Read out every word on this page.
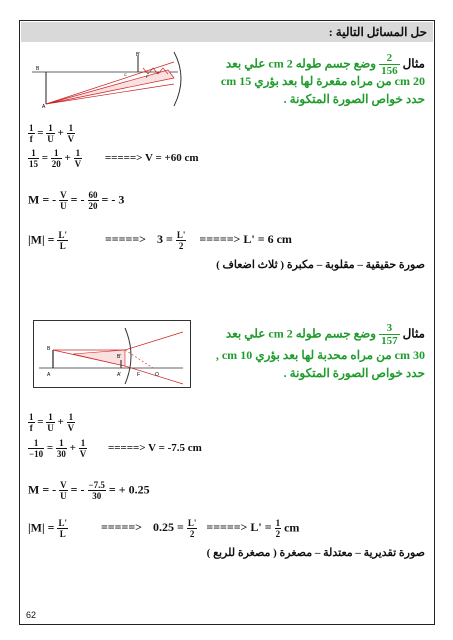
حل المسائل التالية :
B
A
B'
C	F
مثال
$\frac{2}{156}$
وضع جسم طوله 2 cm علي بعد
20 cm من مراه مقعرة لها بعد بؤري 15 cm
حدد خواص الصورة المتكونة .
$\frac{1}{f} = \frac{1}{U} + \frac{1}{V}$
$\frac{1}{15} = \frac{1}{20} + \frac{1}{V}$ =====> V = +60 cm
M = - $\frac{V}{U}$ = - $\frac{60}{20}$ = - 3
$|M| = \frac{L'}{L}$	=====> $3 = \frac{L'}{2}$ =====> L' = 6 cm
صورة حقيقية – مقلوبة – مكبرة ( ثلاث اضعاف )
B
A
B'
A'	F	O
مثال
$\frac{3}{157}$
وضع جسم طوله 2 cm علي بعد
30 cm من مراه محدبة لها بعد بؤري 10 cm ,
حدد خواص الصورة المتكونة .
$\frac{1}{f} = \frac{1}{U} + \frac{1}{V}$
$\frac{1}{-10} = \frac{1}{30} + \frac{1}{V}$ =====> V = -7.5 cm
M = - $\frac{V}{U}$ = - $\frac{-7.5}{30}$ = + 0.25
$|M| = \frac{L'}{L}$	=====> $0.25 = \frac{L'}{2}$ =====> $L' = \frac{1}{2}$ cm
صورة تقديرية – معتدلة – مصغرة ( مصغرة للربع )
62
